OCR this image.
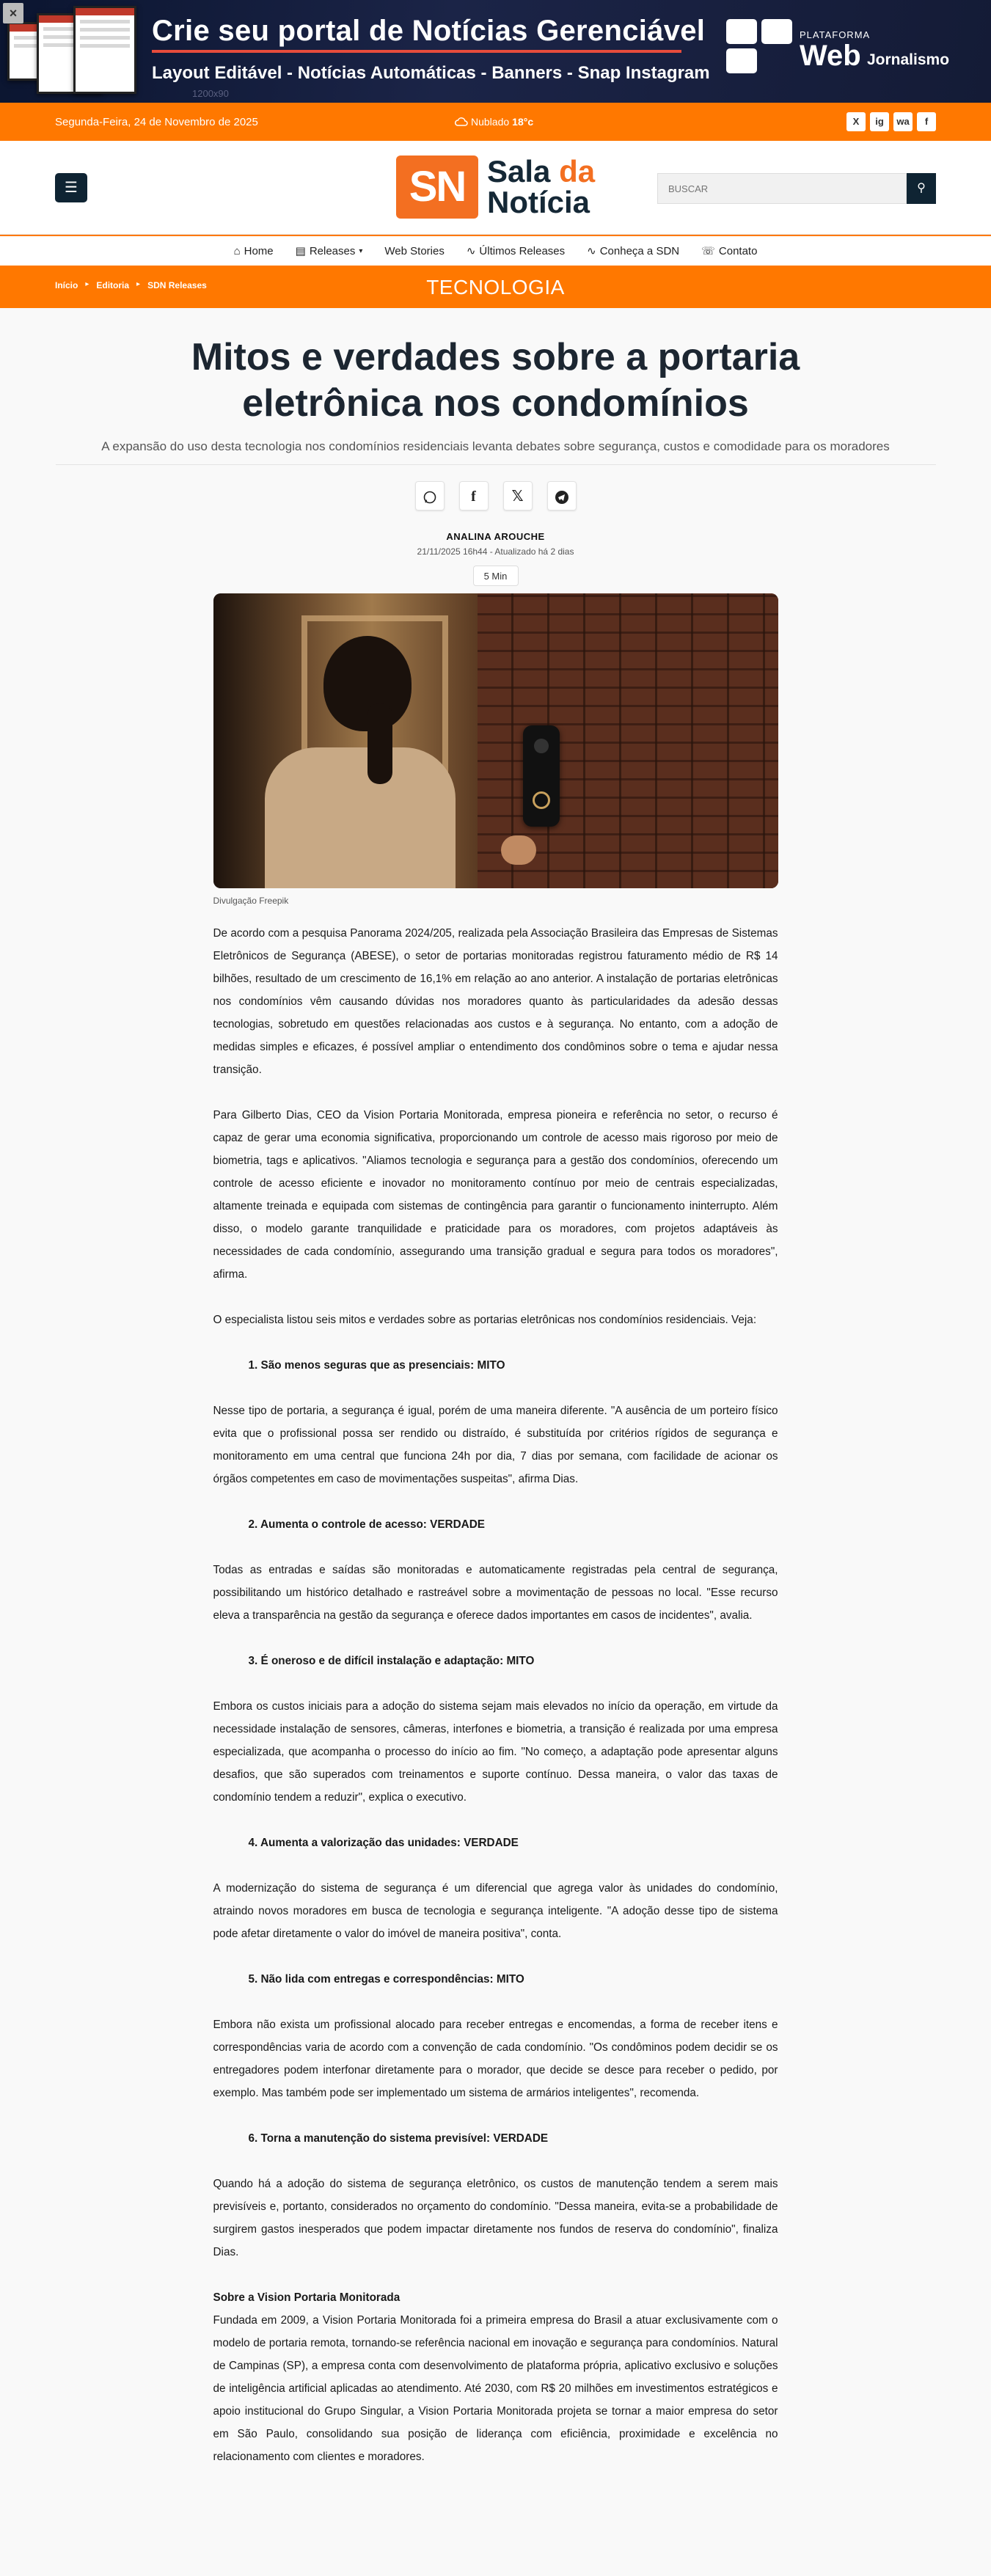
×
Crie seu portal de Notícias Gerenciável
Layout Editável - Notícias Automáticas - Banners - Snap Instagram
1200x90
PLATAFORMA
Web Jornalismo
Segunda-Feira, 24 de Novembro de 2025	Nublado 18°c	X	ig	wa	f
☰	SN Sala da
Notícia
BUSCAR	⚲
⌂ Home ▤ Releases ▾ Web Stories ∿ Últimos Releases ∿ Conheça a SDN ☏ Contato
Início ▸ Editoria ▸ SDN Releases	TECNOLOGIA
Mitos e verdades sobre a portaria eletrônica nos condomínios
A expansão do uso desta tecnologia nos condomínios residenciais levanta debates sobre segurança, custos e comodidade para os moradores
f	𝕏
ANALINA AROUCHE
21/11/2025 16h44 - Atualizado há 2 dias
5 Min
Divulgação Freepik

De acordo com a pesquisa Panorama 2024/205, realizada pela Associação Brasileira das Empresas de Sistemas Eletrônicos de Segurança (ABESE), o setor de portarias monitoradas registrou faturamento médio de R$ 14 bilhões, resultado de um crescimento de 16,1% em relação ao ano anterior. A instalação de portarias eletrônicas nos condomínios vêm causando dúvidas nos moradores quanto às particularidades da adesão dessas tecnologias, sobretudo em questões relacionadas aos custos e à segurança. No entanto, com a adoção de medidas simples e eficazes, é possível ampliar o entendimento dos condôminos sobre o tema e ajudar nessa transição.

Para Gilberto Dias, CEO da Vision Portaria Monitorada, empresa pioneira e referência no setor, o recurso é capaz de gerar uma economia significativa, proporcionando um controle de acesso mais rigoroso por meio de biometria, tags e aplicativos. "Aliamos tecnologia e segurança para a gestão dos condomínios, oferecendo um controle de acesso eficiente e inovador no monitoramento contínuo por meio de centrais especializadas, altamente treinada e equipada com sistemas de contingência para garantir o funcionamento ininterrupto. Além disso, o modelo garante tranquilidade e praticidade para os moradores, com projetos adaptáveis às necessidades de cada condomínio, assegurando uma transição gradual e segura para todos os moradores", afirma.

O especialista listou seis mitos e verdades sobre as portarias eletrônicas nos condomínios residenciais. Veja:

1. São menos seguras que as presenciais: MITO

Nesse tipo de portaria, a segurança é igual, porém de uma maneira diferente. "A ausência de um porteiro físico evita que o profissional possa ser rendido ou distraído, é substituída por critérios rígidos de segurança e monitoramento em uma central que funciona 24h por dia, 7 dias por semana, com facilidade de acionar os órgãos competentes em caso de movimentações suspeitas", afirma Dias.

2. Aumenta o controle de acesso: VERDADE

Todas as entradas e saídas são monitoradas e automaticamente registradas pela central de segurança, possibilitando um histórico detalhado e rastreável sobre a movimentação de pessoas no local. "Esse recurso eleva a transparência na gestão da segurança e oferece dados importantes em casos de incidentes", avalia.

3. É oneroso e de difícil instalação e adaptação: MITO

Embora os custos iniciais para a adoção do sistema sejam mais elevados no início da operação, em virtude da necessidade instalação de sensores, câmeras, interfones e biometria, a transição é realizada por uma empresa especializada, que acompanha o processo do início ao fim. "No começo, a adaptação pode apresentar alguns desafios, que são superados com treinamentos e suporte contínuo. Dessa maneira, o valor das taxas de condomínio tendem a reduzir", explica o executivo.

4. Aumenta a valorização das unidades: VERDADE

A modernização do sistema de segurança é um diferencial que agrega valor às unidades do condomínio, atraindo novos moradores em busca de tecnologia e segurança inteligente. "A adoção desse tipo de sistema pode afetar diretamente o valor do imóvel de maneira positiva", conta.

5. Não lida com entregas e correspondências: MITO

Embora não exista um profissional alocado para receber entregas e encomendas, a forma de receber itens e correspondências varia de acordo com a convenção de cada condomínio. "Os condôminos podem decidir se os entregadores podem interfonar diretamente para o morador, que decide se desce para receber o pedido, por exemplo. Mas também pode ser implementado um sistema de armários inteligentes", recomenda.

6. Torna a manutenção do sistema previsível: VERDADE

Quando há a adoção do sistema de segurança eletrônico, os custos de manutenção tendem a serem mais previsíveis e, portanto, considerados no orçamento do condomínio. "Dessa maneira, evita-se a probabilidade de surgirem gastos inesperados que podem impactar diretamente nos fundos de reserva do condomínio", finaliza Dias.

Sobre a Vision Portaria Monitorada

Fundada em 2009, a Vision Portaria Monitorada foi a primeira empresa do Brasil a atuar exclusivamente com o modelo de portaria remota, tornando-se referência nacional em inovação e segurança para condomínios. Natural de Campinas (SP), a empresa conta com desenvolvimento de plataforma própria, aplicativo exclusivo e soluções de inteligência artificial aplicadas ao atendimento. Até 2030, com R$ 20 milhões em investimentos estratégicos e apoio institucional do Grupo Singular, a Vision Portaria Monitorada projeta se tornar a maior empresa do setor em São Paulo, consolidando sua posição de liderança com eficiência, proximidade e excelência no relacionamento com clientes e moradores.
